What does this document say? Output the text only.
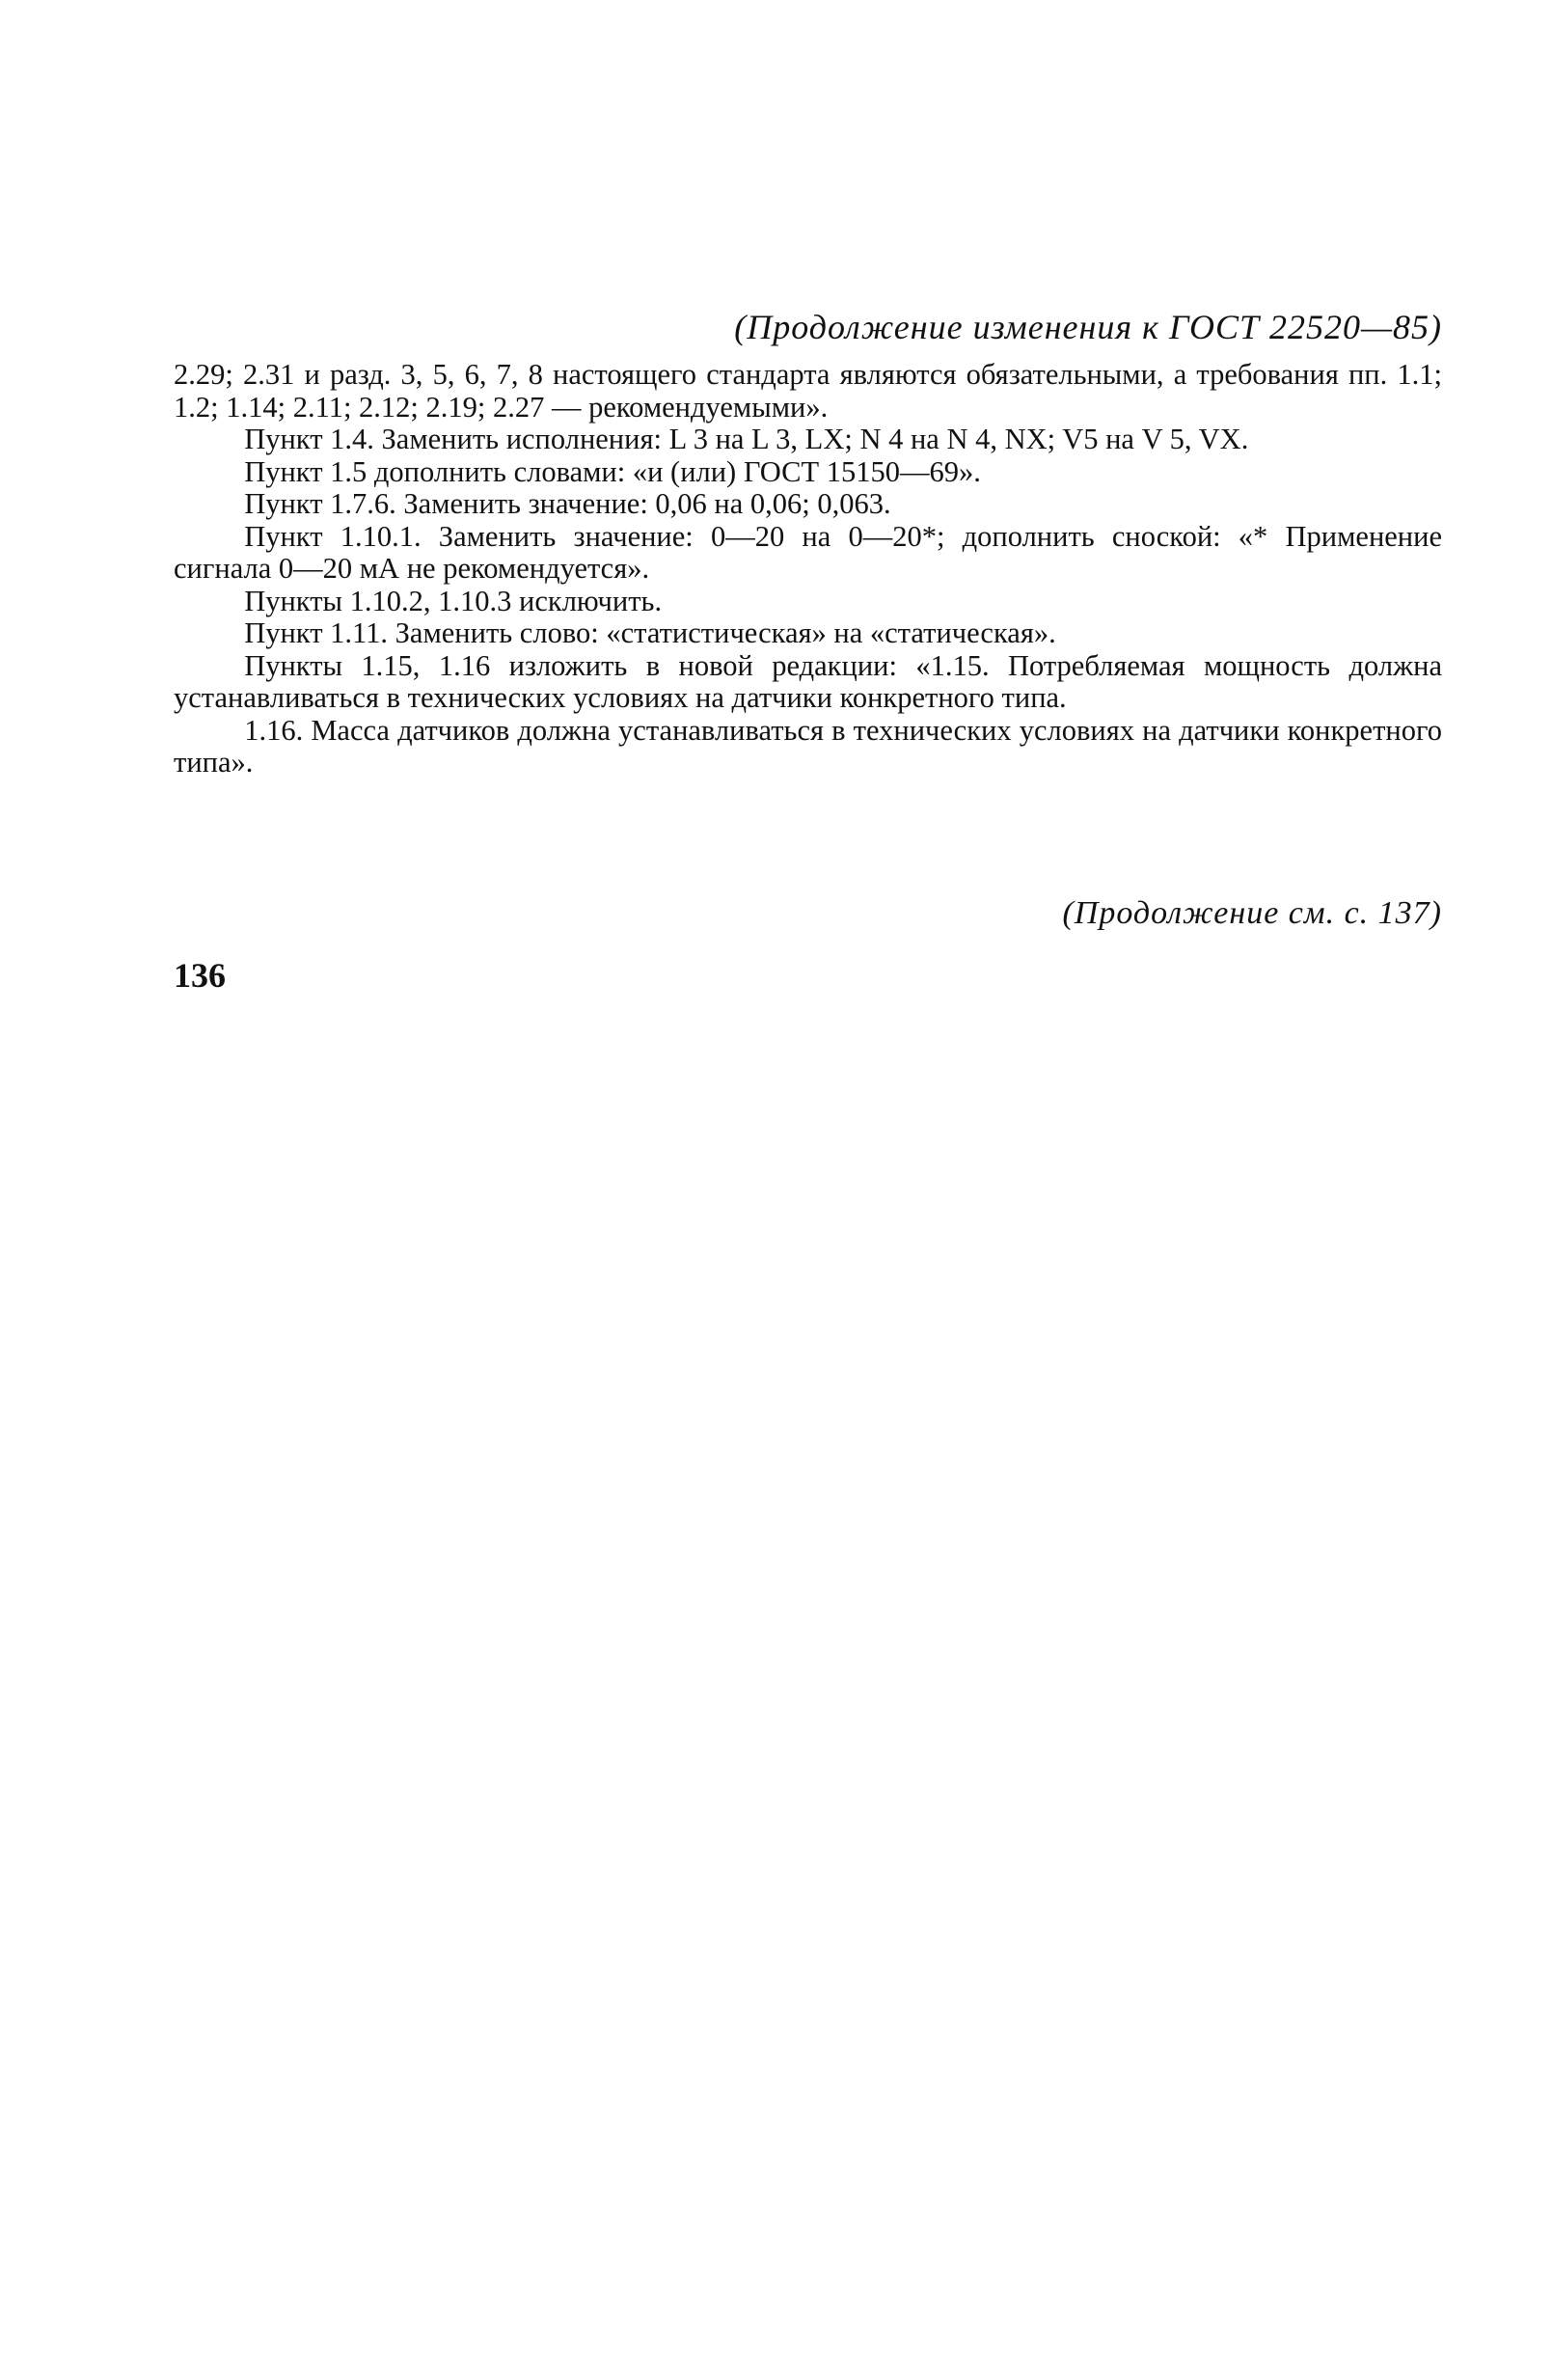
(Продолжение изменения к ГОСТ 22520—85)

2.29; 2.31 и разд. 3, 5, 6, 7, 8 настоящего стандарта являются обязательными, а требования пп. 1.1; 1.2; 1.14; 2.11; 2.12; 2.19; 2.27 — рекомендуемыми».

Пункт 1.4. Заменить исполнения: L 3 на L 3, LX; N 4 на N 4, NX; V5 на V 5, VX.

Пункт 1.5 дополнить словами: «и (или) ГОСТ 15150—69».

Пункт 1.7.6. Заменить значение: 0,06 на 0,06; 0,063.

Пункт 1.10.1. Заменить значение: 0—20 на 0—20*; дополнить сноской: «* Применение сигнала 0—20 мА не рекомендуется».

Пункты 1.10.2, 1.10.3 исключить.

Пункт 1.11. Заменить слово: «статистическая» на «статическая».

Пункты 1.15, 1.16 изложить в новой редакции: «1.15. Потребляемая мощность должна устанавливаться в технических условиях на датчики конкретного типа.

1.16. Масса датчиков должна устанавливаться в технических условиях на датчики конкретного типа».

(Продолжение см. с. 137)
136
